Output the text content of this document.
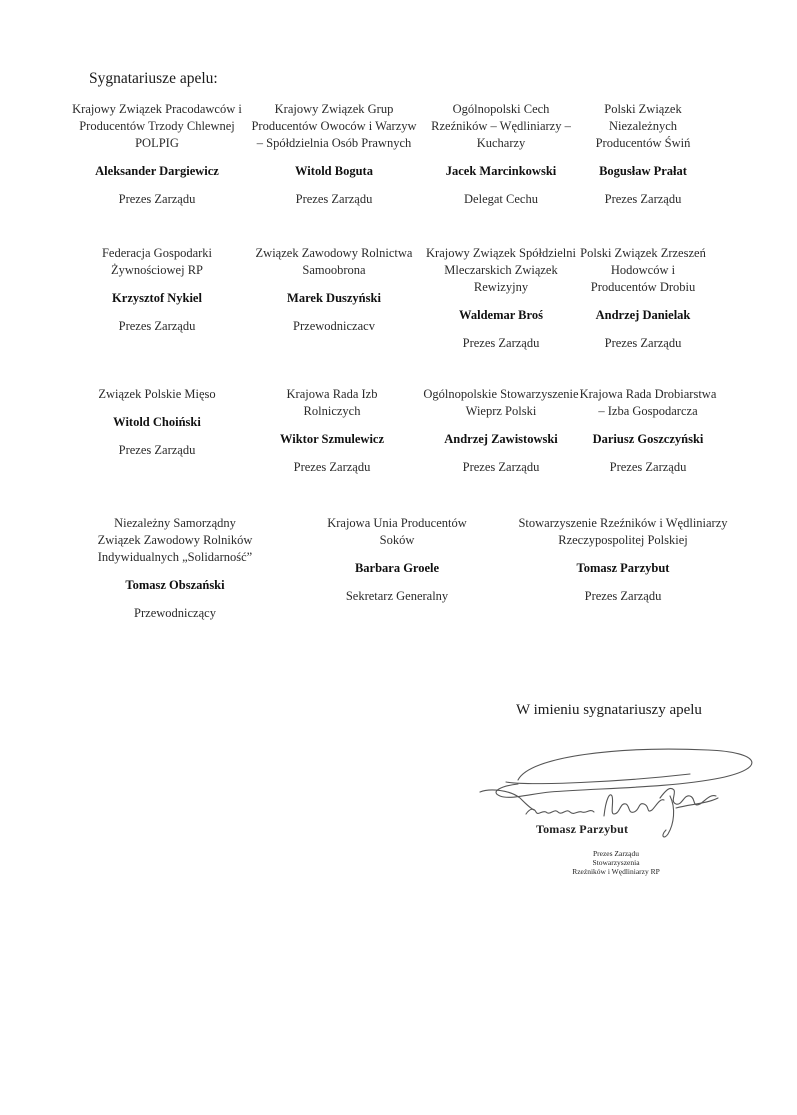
Sygnatariusze apelu:
Krajowy Związek Pracodawców i Producentów Trzody Chlewnej POLPIG
Aleksander Dargiewicz
Prezes Zarządu
Krajowy Związek Grup Producentów Owoców i Warzyw – Spółdzielnia Osób Prawnych
Witold Boguta
Prezes Zarządu
Ogólnopolski Cech Rzeźników – Wędliniarzy – Kucharzy
Jacek Marcinkowski
Delegat Cechu
Polski Związek Niezależnych Producentów Świń
Bogusław Prałat
Prezes Zarządu
Federacja Gospodarki Żywnościowej RP
Krzysztof Nykiel
Prezes Zarządu
Związek Zawodowy Rolnictwa Samoobrona
Marek Duszyński
Przewodniczacv
Krajowy Związek Spółdzielni Mleczarskich Związek Rewizyjny
Waldemar Broś
Prezes Zarządu
Polski Związek Zrzeszeń Hodowców i Producentów Drobiu
Andrzej Danielak
Prezes Zarządu
Związek Polskie Mięso
Witold Choiński
Prezes Zarządu
Krajowa Rada Izb Rolniczych
Wiktor Szmulewicz
Prezes Zarządu
Ogólnopolskie Stowarzyszenie Wieprz Polski
Andrzej Zawistowski
Prezes Zarządu
Krajowa Rada Drobiarstwa – Izba Gospodarcza
Dariusz Goszczyński
Prezes Zarządu
Niezależny Samorządny Związek Zawodowy Rolników Indywidualnych „Solidarność”
Tomasz Obszański
Przewodniczący
Krajowa Unia Producentów Soków
Barbara Groele
Sekretarz Generalny
Stowarzyszenie Rzeźników i Wędliniarzy Rzeczypospolitej Polskiej
Tomasz Parzybut
Prezes Zarządu
W imieniu sygnatariuszy apelu
Tomasz Parzybut
Prezes Zarządu
Stowarzyszenia
Rzeźników i Wędliniarzy RP
